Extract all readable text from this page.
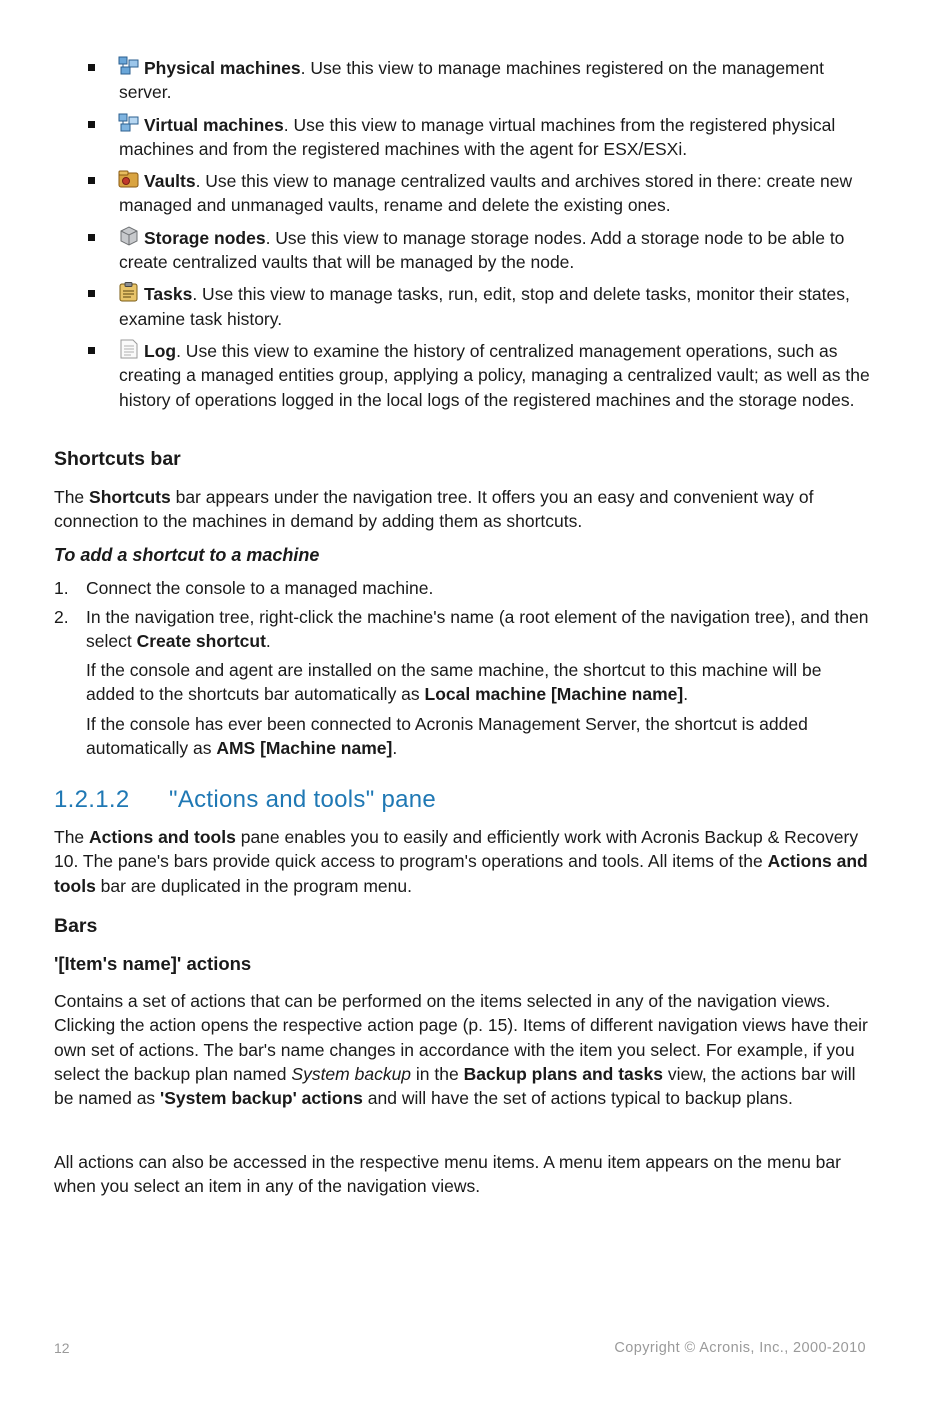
Physical machines. Use this view to manage machines registered on the management server.
Virtual machines. Use this view to manage virtual machines from the registered physical machines and from the registered machines with the agent for ESX/ESXi.
Vaults. Use this view to manage centralized vaults and archives stored in there: create new managed and unmanaged vaults, rename and delete the existing ones.
Storage nodes. Use this view to manage storage nodes. Add a storage node to be able to create centralized vaults that will be managed by the node.
Tasks. Use this view to manage tasks, run, edit, stop and delete tasks, monitor their states, examine task history.
Log. Use this view to examine the history of centralized management operations, such as creating a managed entities group, applying a policy, managing a centralized vault; as well as the history of operations logged in the local logs of the registered machines and the storage nodes.
Shortcuts bar

The Shortcuts bar appears under the navigation tree. It offers you an easy and convenient way of connection to the machines in demand by adding them as shortcuts.

To add a shortcut to a machine

1. Connect the console to a managed machine.
2. In the navigation tree, right-click the machine's name (a root element of the navigation tree), and then select Create shortcut.
If the console and agent are installed on the same machine, the shortcut to this machine will be added to the shortcuts bar automatically as Local machine [Machine name].
If the console has ever been connected to Acronis Management Server, the shortcut is added automatically as AMS [Machine name].
1.2.1.2 "Actions and tools" pane

The Actions and tools pane enables you to easily and efficiently work with Acronis Backup & Recovery 10. The pane's bars provide quick access to program's operations and tools. All items of the Actions and tools bar are duplicated in the program menu.

Bars
'[Item's name]' actions

Contains a set of actions that can be performed on the items selected in any of the navigation views. Clicking the action opens the respective action page (p. 15). Items of different navigation views have their own set of actions. The bar's name changes in accordance with the item you select. For example, if you select the backup plan named System backup in the Backup plans and tasks view, the actions bar will be named as 'System backup' actions and will have the set of actions typical to backup plans.

All actions can also be accessed in the respective menu items. A menu item appears on the menu bar when you select an item in any of the navigation views.

12	Copyright © Acronis, Inc., 2000-2010
